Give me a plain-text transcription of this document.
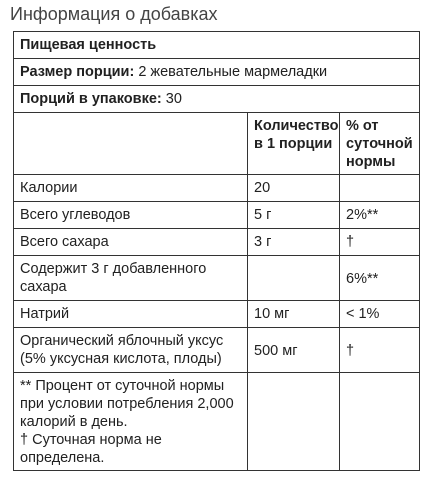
Информация о добавках
Пищевая ценность		
Размер порции: 2 жевательные мармеладки		
Порций в упаковке: 30		
	Количество в 1 порции	% от суточной нормы
Калории	20	
Всего углеводов	5 г	2%**
Всего сахара	3 г	†
Содержит 3 г добавленного сахара		6%**
Натрий	10 мг	< 1%
Органический яблочный уксус (5% уксусная кислота, плоды)	500 мг	†

** Процент от суточной нормы при условии потребления 2,000 калорий в день.
† Суточная норма не определена.		
